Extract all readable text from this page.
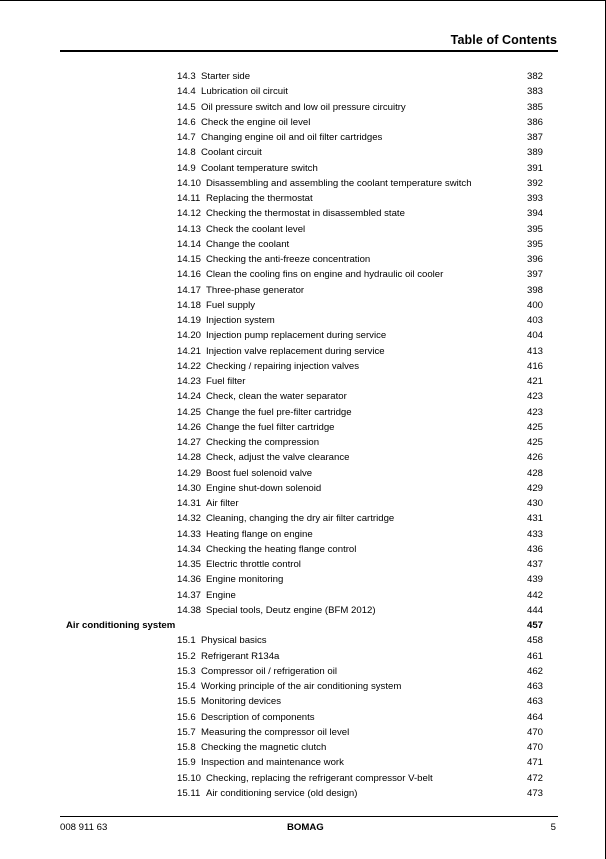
Table of Contents
14.3 Starter side	382
14.4 Lubrication oil circuit	383
14.5 Oil pressure switch and low oil pressure circuitry	385
14.6 Check the engine oil level	386
14.7 Changing engine oil and oil filter cartridges	387
14.8 Coolant circuit	389
14.9 Coolant temperature switch	391
14.10 Disassembling and assembling the coolant temperature switch	392
14.11 Replacing the thermostat	393
14.12 Checking the thermostat in disassembled state	394
14.13 Check the coolant level	395
14.14 Change the coolant	395
14.15 Checking the anti-freeze concentration	396
14.16 Clean the cooling fins on engine and hydraulic oil cooler	397
14.17 Three-phase generator	398
14.18 Fuel supply	400
14.19 Injection system	403
14.20 Injection pump replacement during service	404
14.21 Injection valve replacement during service	413
14.22 Checking / repairing injection valves	416
14.23 Fuel filter	421
14.24 Check, clean the water separator	423
14.25 Change the fuel pre-filter cartridge	423
14.26 Change the fuel filter cartridge	425
14.27 Checking the compression	425
14.28 Check, adjust the valve clearance	426
14.29 Boost fuel solenoid valve	428
14.30 Engine shut-down solenoid	429
14.31 Air filter	430
14.32 Cleaning, changing the dry air filter cartridge	431
14.33 Heating flange on engine	433
14.34 Checking the heating flange control	436
14.35 Electric throttle control	437
14.36 Engine monitoring	439
14.37 Engine	442
14.38 Special tools, Deutz engine (BFM 2012)	444
Air conditioning system	457
15.1 Physical basics	458
15.2 Refrigerant R134a	461
15.3 Compressor oil / refrigeration oil	462
15.4 Working principle of the air conditioning system	463
15.5 Monitoring devices	463
15.6 Description of components	464
15.7 Measuring the compressor oil level	470
15.8 Checking the magnetic clutch	470
15.9 Inspection and maintenance work	471
15.10 Checking, replacing the refrigerant compressor V-belt	472
15.11 Air conditioning service (old design)	473
008 911 63	BOMAG	5
